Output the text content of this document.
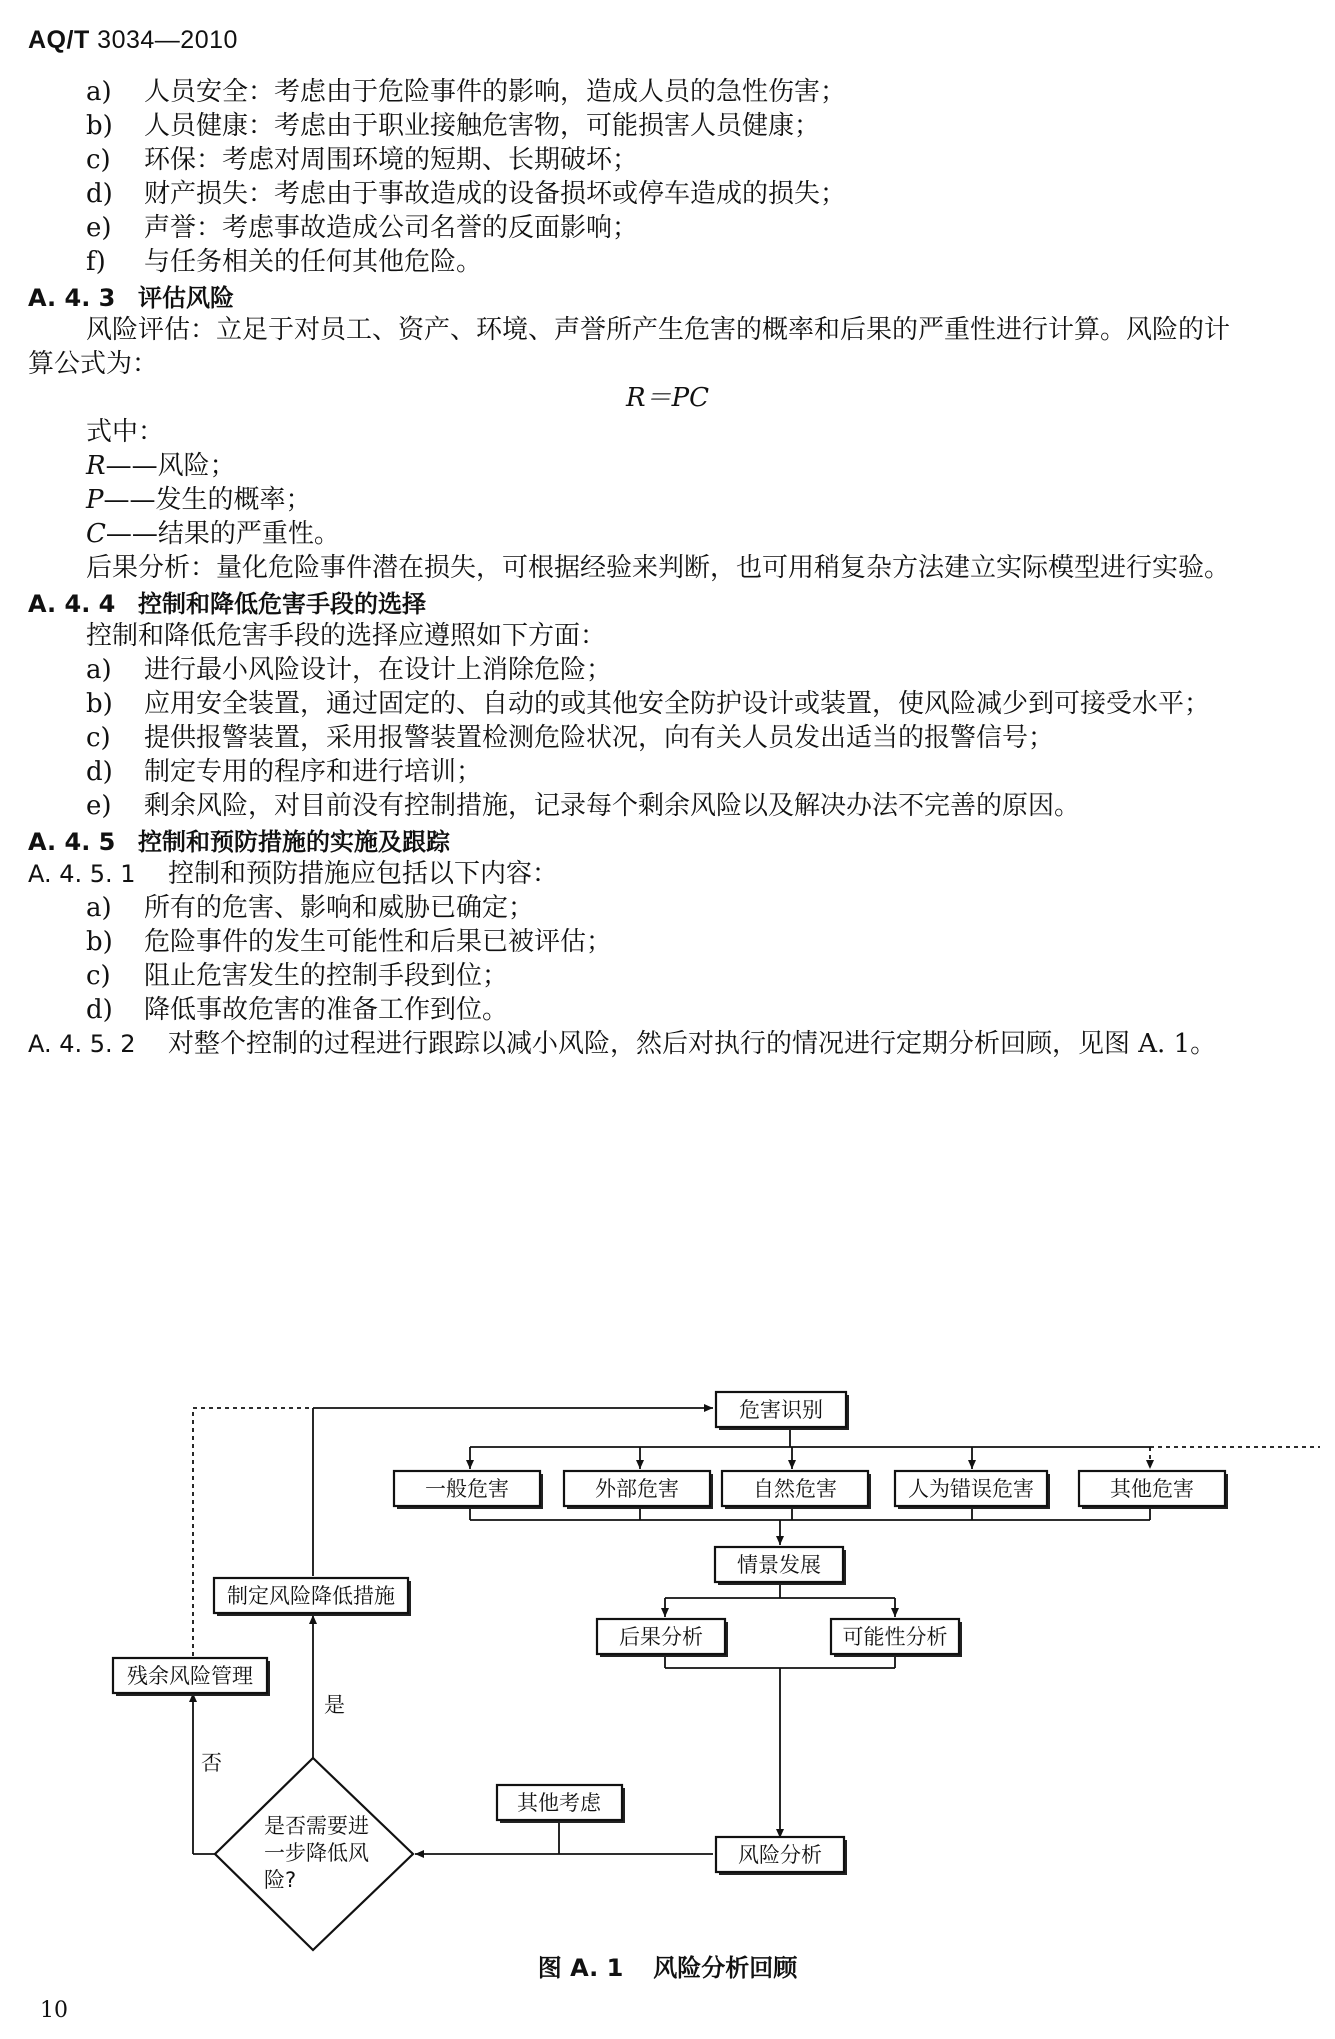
AQ/T 3034—2010
a) 人员安全：考虑由于危险事件的影响，造成人员的急性伤害；
b) 人员健康：考虑由于职业接触危害物，可能损害人员健康；
c) 环保：考虑对周围环境的短期、长期破坏；
d) 财产损失：考虑由于事故造成的设备损坏或停车造成的损失；
e) 声誉：考虑事故造成公司名誉的反面影响；
f) 与任务相关的任何其他危险。
A. 4. 3 评估风险
风险评估：立足于对员工、资产、环境、声誉所产生危害的概率和后果的严重性进行计算。风险的计
算公式为：
R＝PC
式中：
R——风险；
P——发生的概率；
C——结果的严重性。
后果分析：量化危险事件潜在损失，可根据经验来判断，也可用稍复杂方法建立实际模型进行实验。
A. 4. 4 控制和降低危害手段的选择
控制和降低危害手段的选择应遵照如下方面：
a) 进行最小风险设计，在设计上消除危险；
b) 应用安全装置，通过固定的、自动的或其他安全防护设计或装置，使风险减少到可接受水平；
c) 提供报警装置，采用报警装置检测危险状况，向有关人员发出适当的报警信号；
d) 制定专用的程序和进行培训；
e) 剩余风险，对目前没有控制措施，记录每个剩余风险以及解决办法不完善的原因。
A. 4. 5 控制和预防措施的实施及跟踪
A. 4. 5. 1 控制和预防措施应包括以下内容：
a) 所有的危害、影响和威胁已确定；
b) 危险事件的发生可能性和后果已被评估；
c) 阻止危害发生的控制手段到位；
d) 降低事故危害的准备工作到位。
A. 4. 5. 2 对整个控制的过程进行跟踪以减小风险，然后对执行的情况进行定期分析回顾，见图 A. 1。
危害识别
一般危害	外部危害	自然危害	人为错误危害	其他危害
情景发展
后果分析	可能性分析
其他考虑
风险分析
是否需要进
一步降低风
险?
是
否
制定风险降低措施
残余风险管理
图 A. 1 风险分析回顾
10
